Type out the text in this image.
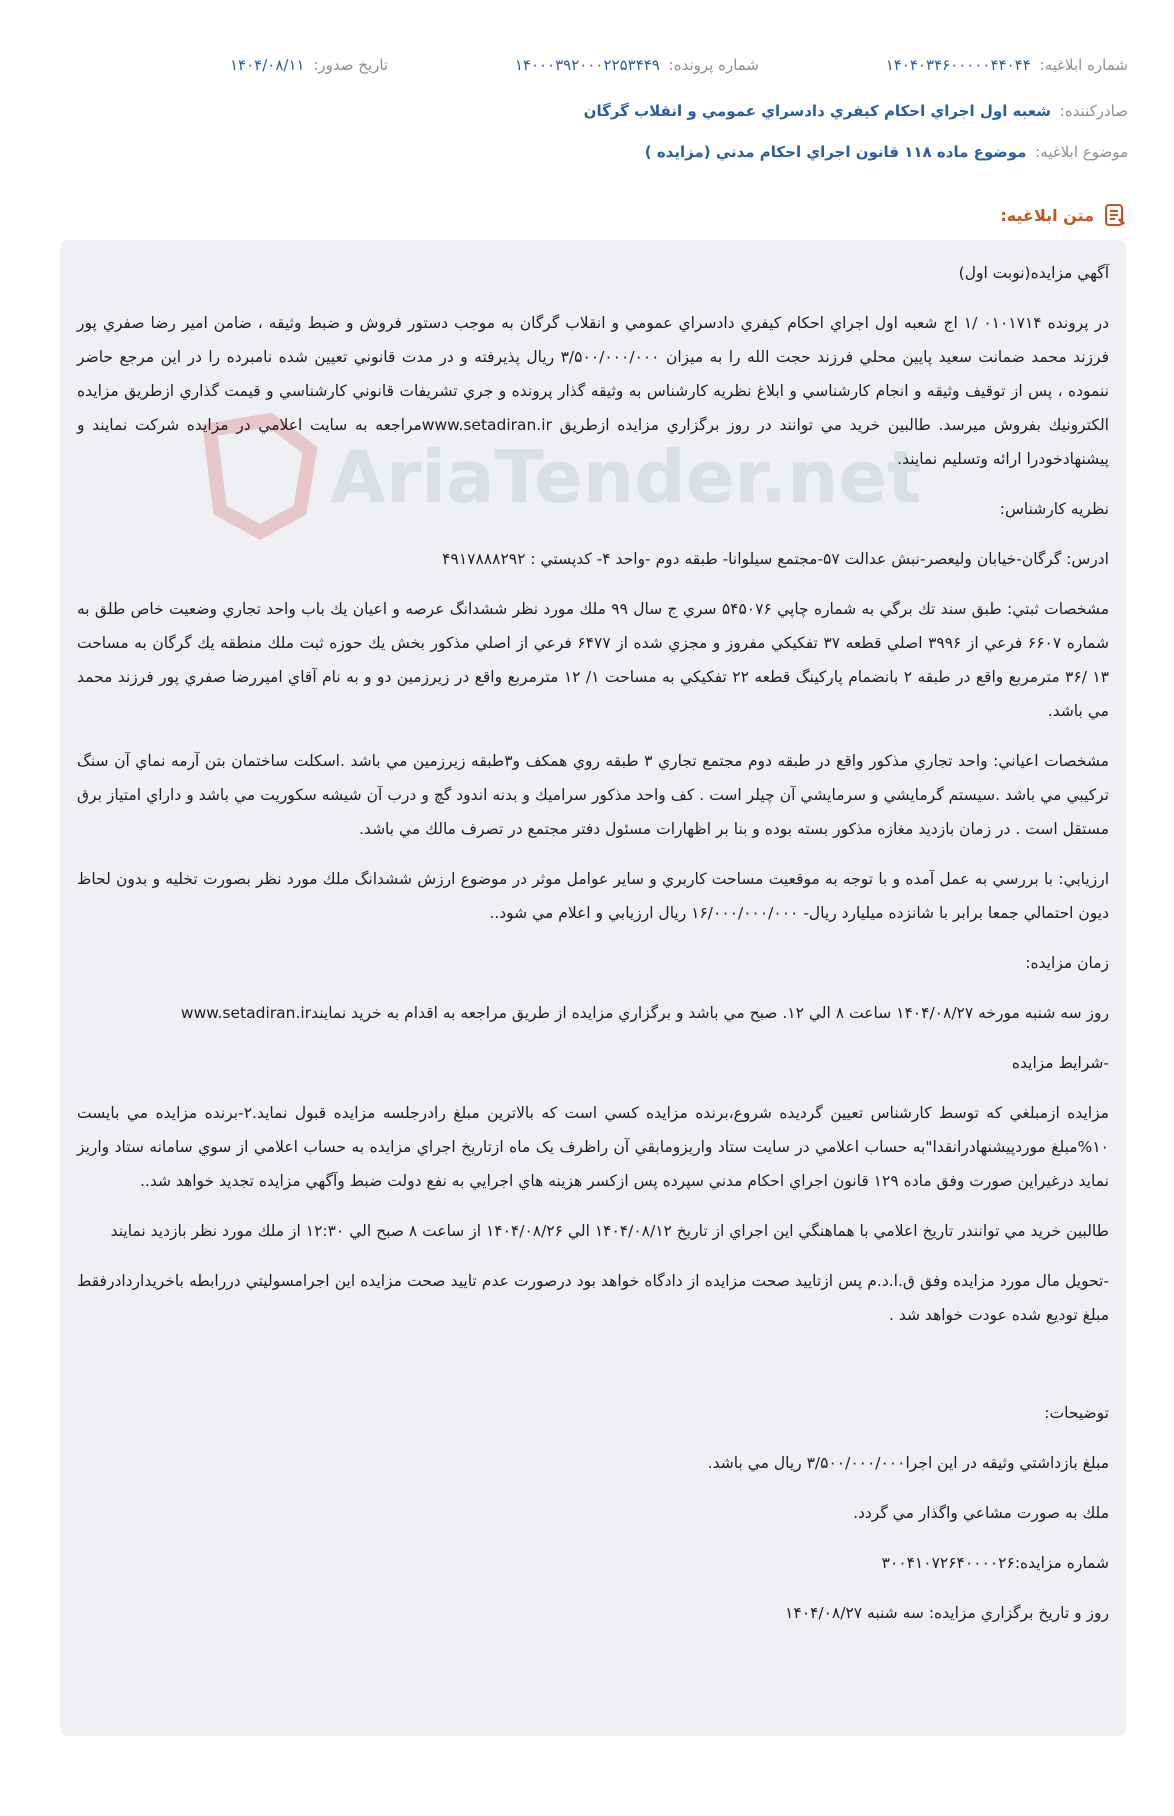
شماره ابلاغیه: ۱۴۰۴۰۳۴۶۰۰۰۰۰۴۴۰۴۴
شماره پرونده: ۱۴۰۰۰۳۹۲۰۰۰۲۲۵۳۴۴۹
تاریخ صدور: ۱۴۰۴/۰۸/۱۱
صادرکننده: شعبه اول اجراي احكام كيفري دادسراي عمومي و انقلاب گرگان
موضوع ابلاغیه: موضوع ماده ۱۱۸ قانون اجراي احكام مدني (مزايده )
متن ابلاغیه:
AriaTender.net

آگهي مزايده(نوبت اول)

در پرونده ۰۱۰۱۷۱۴ /۱ اج شعبه اول اجراي احكام كيفري دادسراي عمومي و انقلاب گرگان به موجب دستور فروش و ضبط وثيقه ، ضامن امير رضا صفري پور فرزند محمد ضمانت سعيد پايين محلي فرزند حجت الله را به ميزان ۳/۵۰۰/۰۰۰/۰۰۰ ريال پذيرفته و در مدت قانوني تعيين شده نامبرده را در اين مرجع حاضر ننموده ، پس از توقيف وثيقه و انجام كارشناسي و ابلاغ نظريه كارشناس به وثيقه گذار پرونده و جري تشريفات قانوني كارشناسي و قيمت گذاري ازطريق مزايده الكترونيك بفروش ميرسد. طالبين خريد مي توانند در روز برگزاري مزايده ازطريق www.setadiran.irمراجعه به سايت اعلامي در مزايده شركت نمايند و پيشنهادخودرا ارائه وتسليم نمايند.

نظريه كارشناس:

ادرس: گرگان-خيابان وليعصر-نبش عدالت ۵۷-مجتمع سيلوانا- طبقه دوم -واحد ۴- كدپستي : ۴۹۱۷۸۸۸۲۹۲

مشخصات ثبتي: طبق سند تك برگي به شماره چاپي ۵۴۵۰۷۶ سري ج سال ۹۹ ملك مورد نظر ششدانگ عرصه و اعيان يك باب واحد تجاري وضعيت خاص طلق به شماره ۶۶۰۷ فرعي از ۳۹۹۶ اصلي قطعه ۳۷ تفكيكي مفروز و مجزي شده از ۶۴۷۷ فرعي از اصلي مذكور بخش يك حوزه ثبت ملك منطقه يك گرگان به مساحت ۱۳ /۳۶ مترمربع واقع در طبقه ۲ بانضمام پاركينگ قطعه ۲۲ تفكيكي به مساحت ۱/ ۱۲ مترمربع واقع در زيرزمين دو و به نام آقاي اميررضا صفري پور فرزند محمد مي باشد.

مشخصات اعياني: واحد تجاري مذكور واقع در طبقه دوم مجتمع تجاري ۳ طبقه روي همكف و۳طبقه زيرزمين مي باشد .اسكلت ساختمان بتن آرمه نماي آن سنگ تركيبي مي باشد .سيستم گرمايشي و سرمايشي آن چيلر است . كف واحد مذكور سراميك و بدنه اندود گچ و درب آن شيشه سكوريت مي باشد و داراي امتياز برق مستقل است . در زمان بازديد مغازه مذكور بسته بوده و بنا بر اظهارات مسئول دفتر مجتمع در تصرف مالك مي باشد.

ارزيابي: با بررسي به عمل آمده و با توجه به موقعيت مساحت كاربري و ساير عوامل موثر در موضوع ارزش ششدانگ ملك مورد نظر بصورت تخليه و بدون لحاظ ديون احتمالي جمعا برابر با شانزده ميليارد ريال- ۱۶/۰۰۰/۰۰۰/۰۰۰ ريال ارزيابي و اعلام مي شود..

زمان مزايده:

روز سه شنبه مورخه ۱۴۰۴/۰۸/۲۷ ساعت ۸ الي ۱۲. صبح مي باشد و برگزاري مزايده از طريق مراجعه به اقدام به خريد نمايندwww.setadiran.ir

-شرايط مزايده

مزايده ازمبلغي كه توسط كارشناس تعيين گرديده شروع،برنده مزايده كسي است كه بالاترين مبلغ رادرجلسه مزايده قبول نمايد.۲-برنده مزايده مي بايست ۱۰%مبلغ موردپيشنهادرانقدا"به حساب اعلامي در سايت ستاد واريزومابقي آن راظرف یک ماه ازتاريخ اجراي مزايده به حساب اعلامي از سوي سامانه ستاد واريز نمايد درغيراين صورت وفق ماده ۱۲۹ قانون اجراي احكام مدني سپرده پس ازكسر هزينه هاي اجرايي به نفع دولت ضبط وآگهي مزايده تجديد خواهد شد..

طالبين خريد مي توانندر تاريخ اعلامي با هماهنگي اين اجراي از تاريخ ۱۴۰۴/۰۸/۱۲ الي ۱۴۰۴/۰۸/۲۶ از ساعت ۸ صبح الي ۱۲:۳۰ از ملك مورد نظر بازديد نمايند

-تحويل مال مورد مزايده وفق ق.ا.د.م پس ازتاييد صحت مزايده از دادگاه خواهد بود درصورت عدم تاييد صحت مزايده اين اجرامسوليتي دررابطه باخريداردادرفقط مبلغ توديع شده عودت خواهد شد .

توضيحات:

مبلغ بازداشتي وثيقه در اين اجرا۳/۵۰۰/۰۰۰/۰۰۰ ريال مي باشد.

ملك به صورت مشاعي واگذار مي گردد.

شماره مزايده:۳۰۰۴۱۰۷۲۶۴۰۰۰۰۲۶

روز و تاريخ برگزاري مزايده: سه شنبه ۱۴۰۴/۰۸/۲۷
